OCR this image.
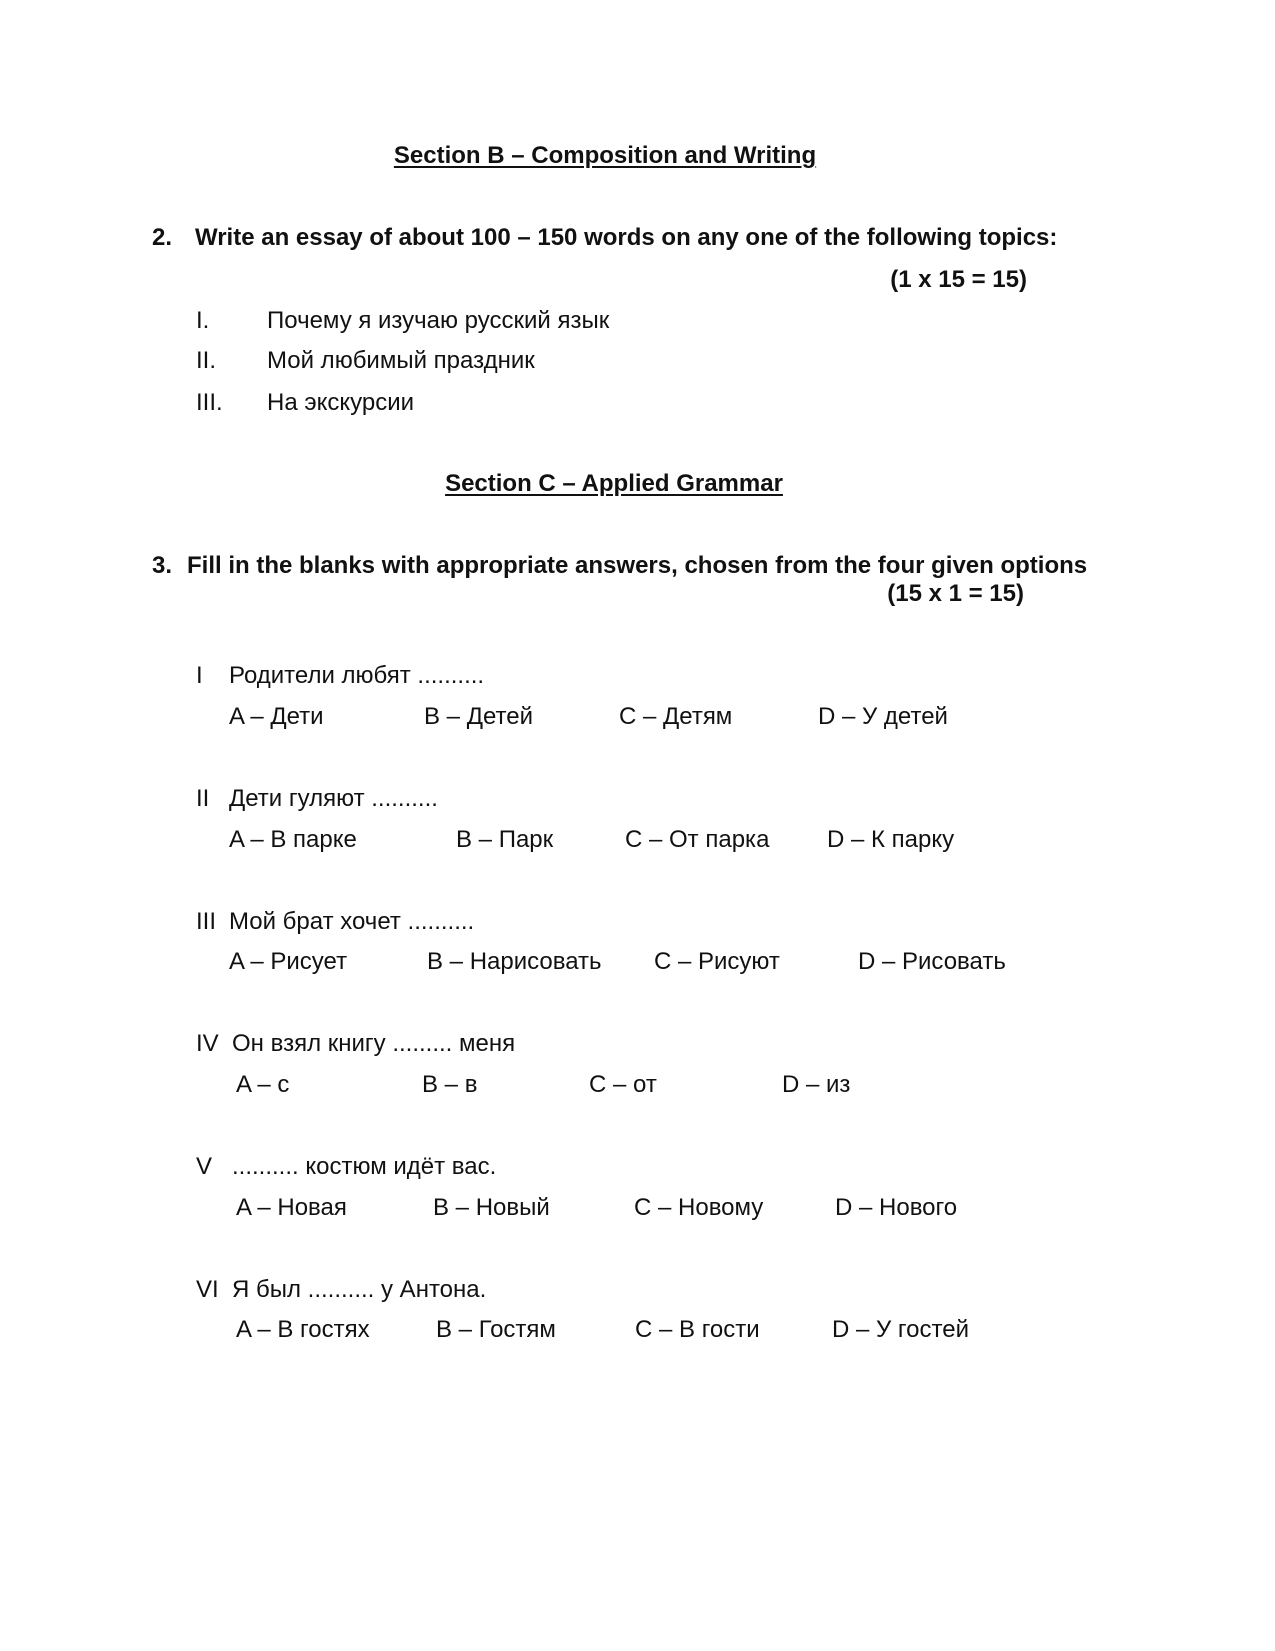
Section B – Composition and Writing
2. Write an essay of about 100 – 150 words on any one of the following topics:
(1 x 15 = 15)
I. Почему я изучаю русский язык
II. Мой любимый праздник
III. На экскурсии
Section C – Applied Grammar
3. Fill in the blanks with appropriate answers, chosen from the four given options
(15 x 1 = 15)
I Родители любят ..........
A – Дети	B – Детей	C – Детям	D – У детей
II Дети гуляют ..........
A – В парке	B – Парк	C – От парка D – К парку
III Мой брат хочет ..........
A – Рисует	B – Нарисовать C – Рисуют	D – Рисовать
IV Он взял книгу ......... меня
A – с	B – в	C – от	D – из
V .......... костюм идёт вас.
A – Новая	B – Новый	C – Новому	D – Нового
VI Я был .......... у Антона.
A – В гостях	B – Гостям	C – В гости	D – У гостей
